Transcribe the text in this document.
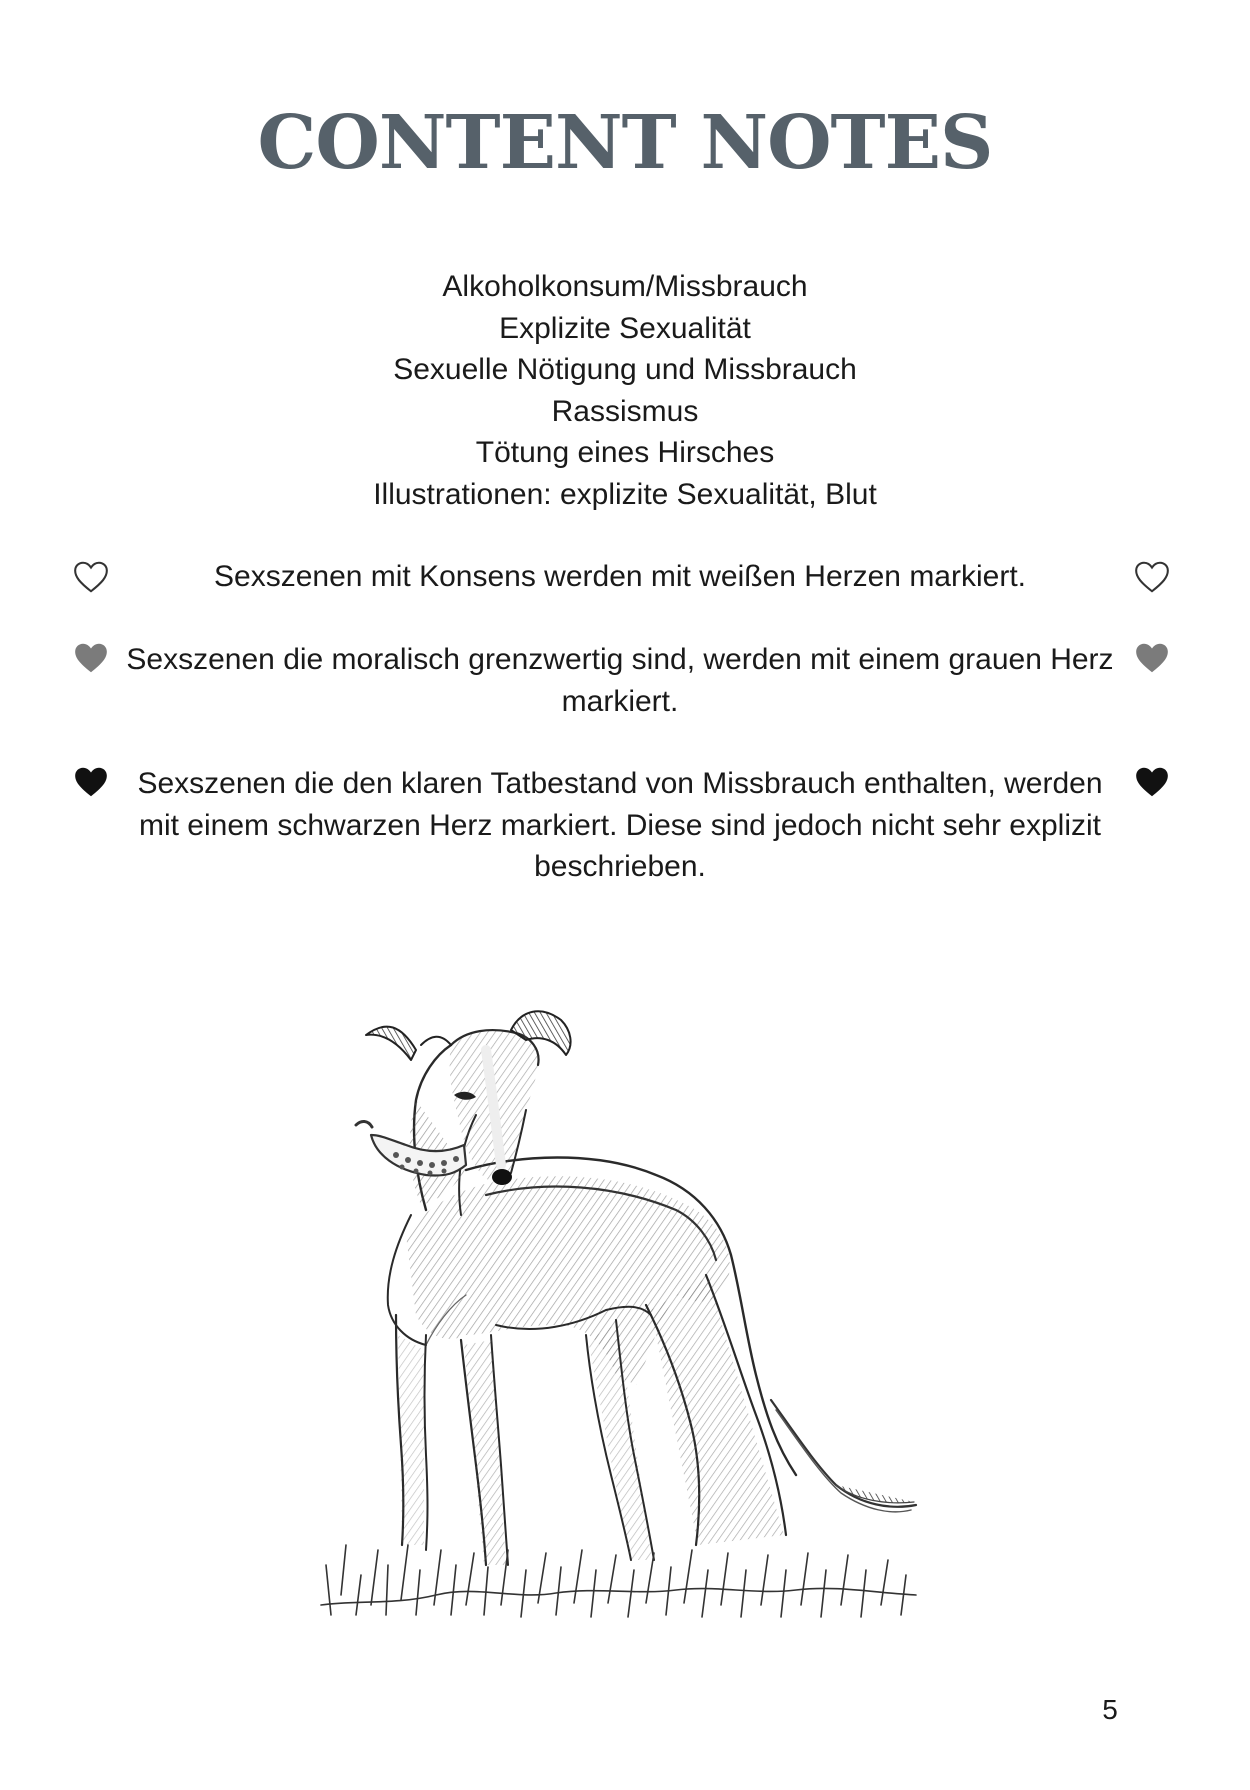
CONTENT NOTES
Alkoholkonsum/Missbrauch
Explizite Sexualität
Sexuelle Nötigung und Missbrauch
Rassismus
Tötung eines Hirsches
Illustrationen: explizite Sexualität, Blut

Sexszenen mit Konsens werden mit weißen Herzen markiert.

Sexszenen die moralisch grenzwertig sind, werden mit einem grauen Herz markiert.

Sexszenen die den klaren Tatbestand von Missbrauch enthalten, werden mit einem schwarzen Herz markiert. Diese sind jedoch nicht sehr explizit beschrieben.

5
